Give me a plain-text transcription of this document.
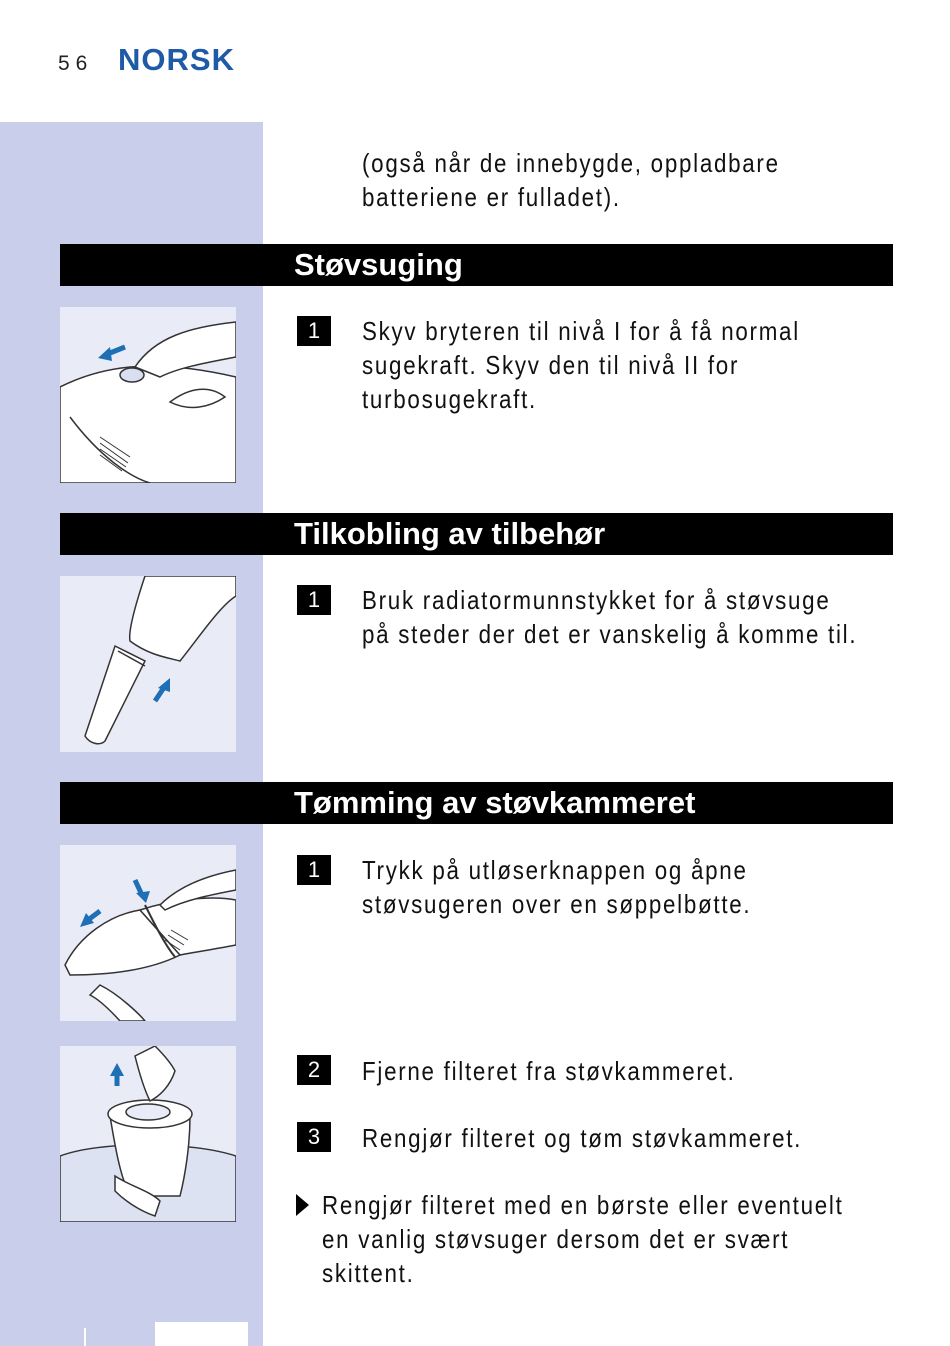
56 NORSK
(også når de innebygde, oppladbare
batteriene er fulladet).
Støvsuging
1	Skyv bryteren til nivå I for å få normal
sugekraft. Skyv den til nivå II for
turbosugekraft.
Tilkobling av tilbehør
1	Bruk radiatormunnstykket for å støvsuge
på steder der det er vanskelig å komme til.
Tømming av støvkammeret
1	Trykk på utløserknappen og åpne
støvsugeren over en søppelbøtte.
2	Fjerne filteret fra støvkammeret.
3	Rengjør filteret og tøm støvkammeret.
Rengjør filteret med en børste eller eventuelt
en vanlig støvsuger dersom det er svært
skittent.
